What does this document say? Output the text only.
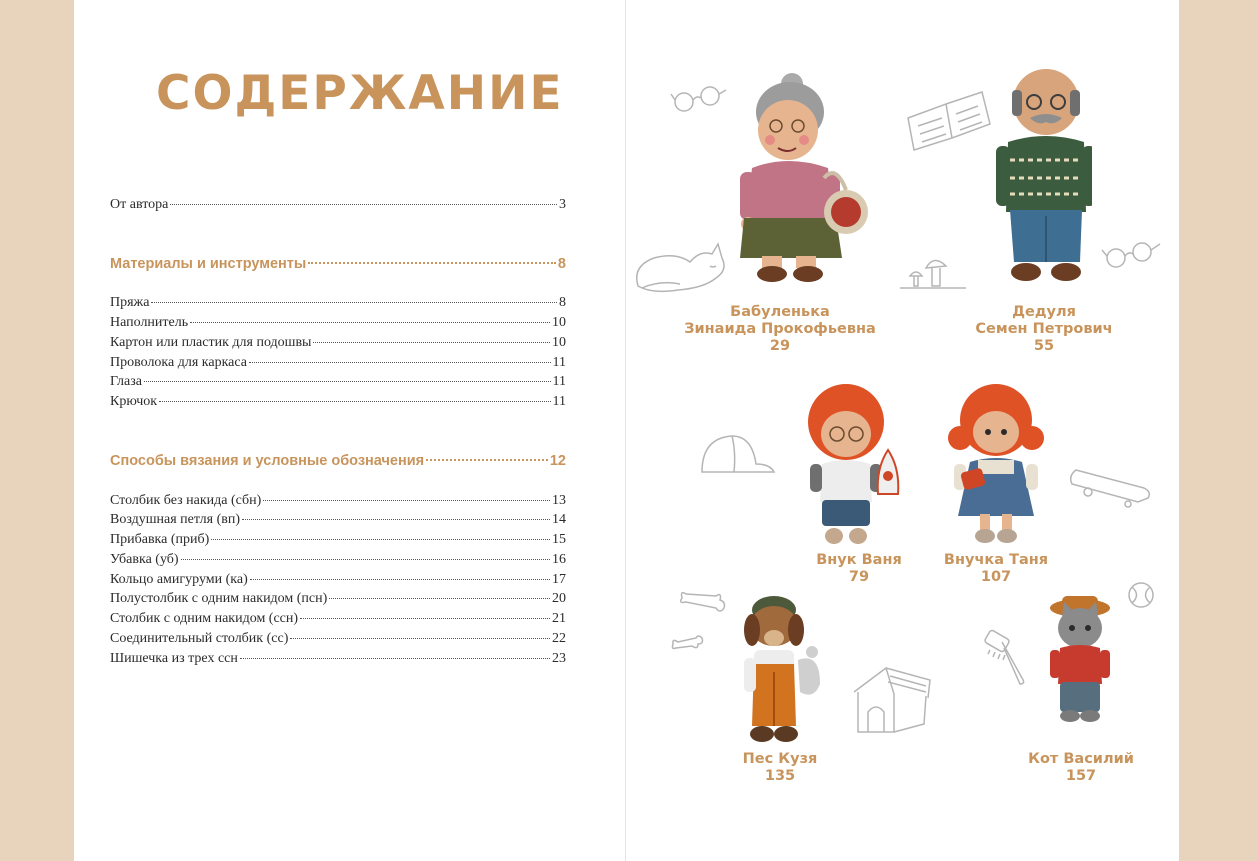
СОДЕРЖАНИЕ
От автора	3
Материалы и инструменты	8
Пряжа	8
Наполнитель	10
Картон или пластик для подошвы	10
Проволока для каркаса	11
Глаза	11
Крючок	11
Способы вязания и условные обозначения	12
Столбик без накида (сбн)	13
Воздушная петля (вп)	14
Прибавка (приб)	15
Убавка (уб)	16
Кольцо амигуруми (ка)	17
Полустолбик с одним накидом (псн)	20
Столбик с одним накидом (ссн)	21
Соединительный столбик (сс)	22
Шишечка из трех ссн	23
Бабуленька
Зинаида Прокофьевна
29
Дедуля
Семен Петрович
55
Внук Ваня
79
Внучка Таня
107
Пес Кузя
135
Кот Василий
157
